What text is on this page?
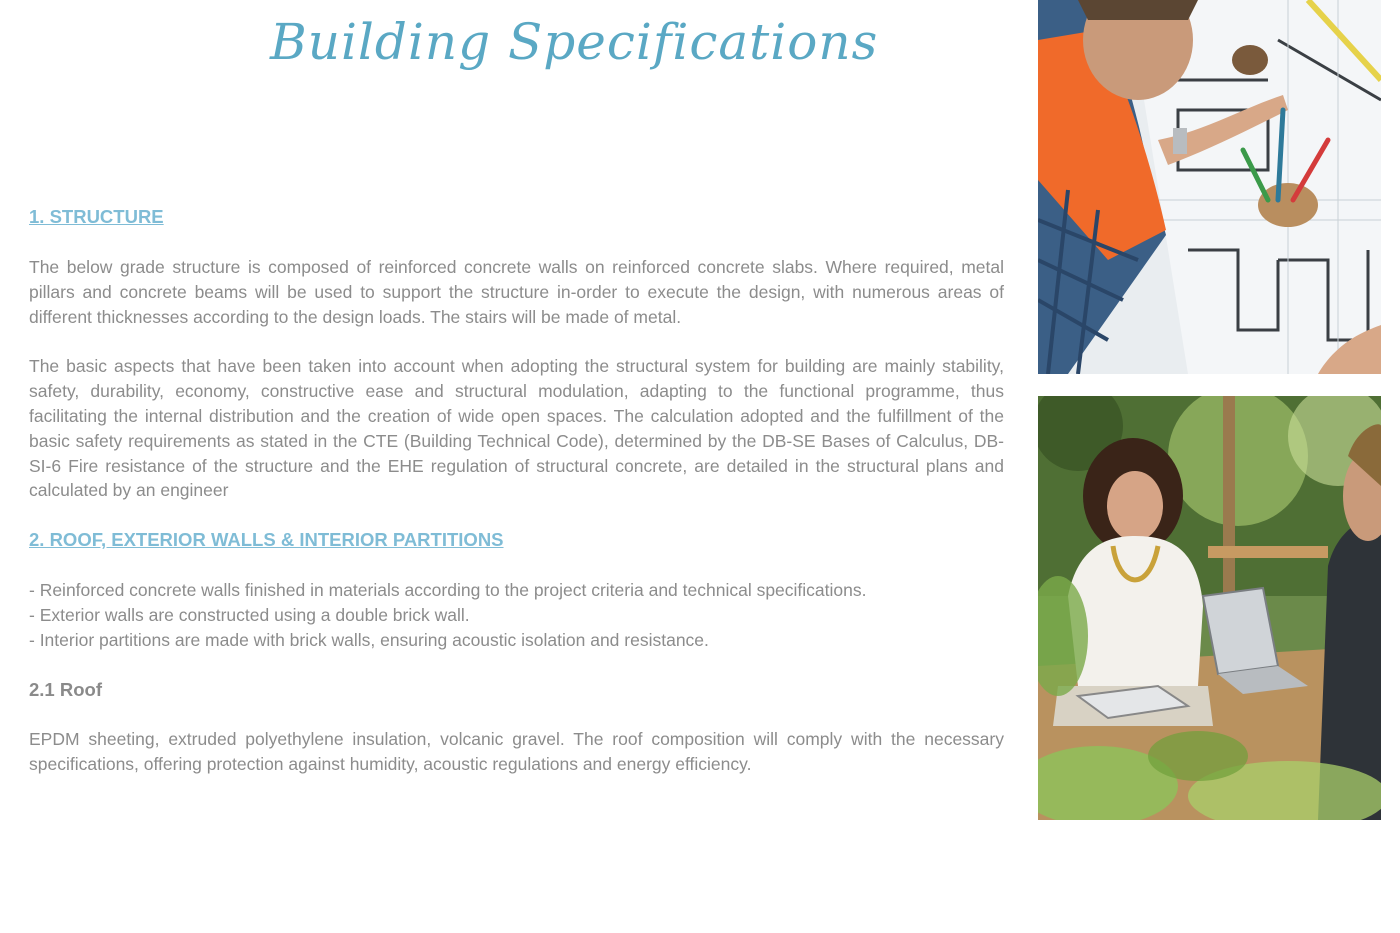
Building Specifications

1. STRUCTURE

The below grade structure is composed of reinforced concrete walls on reinforced concrete slabs. Where required, metal pillars and concrete beams will be used to support the structure in-order to execute the design, with numerous areas of different thicknesses according to the design loads. The stairs will be made of metal.

The basic aspects that have been taken into account when adopting the structural system for building are mainly stability, safety, durability, economy, constructive ease and structural modulation, adapting to the functional programme, thus facilitating the internal distribution and the creation of wide open spaces. The calculation adopted and the fulfillment of the basic safety requirements as stated in the CTE (Building Technical Code), determined by the DB-SE Bases of Calculus, DB-SI-6 Fire resistance of the structure and the EHE regulation of structural concrete, are detailed in the structural plans and calculated by an engineer

2. ROOF, EXTERIOR WALLS & INTERIOR PARTITIONS

- Reinforced concrete walls finished in materials according to the project criteria and technical specifications.

- Exterior walls are constructed using a double brick wall.

- Interior partitions are made with brick walls, ensuring acoustic isolation and resistance.

2.1 Roof

EPDM sheeting, extruded polyethylene insulation, volcanic gravel. The roof composition will comply with the necessary specifications, offering protection against humidity, acoustic regulations and energy efficiency.
